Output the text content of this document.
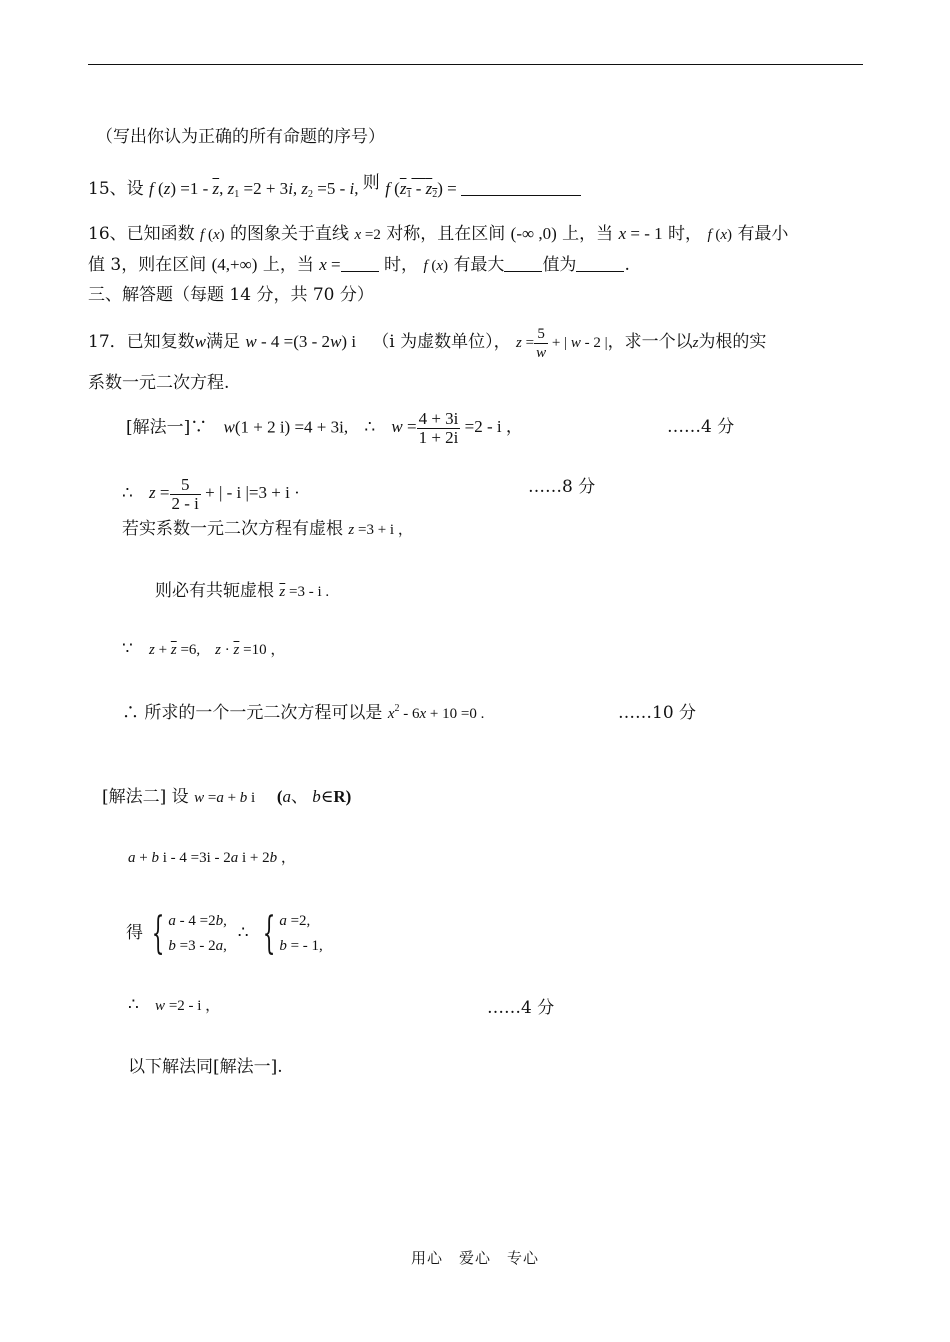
（写出你认为正确的所有命题的序号）
15、设 f $(z) =1 - \overline{z}$, $z_1 =2 + 3i$, $z_2 =5 - i$, 则 f $(z_1 - z_2)$ =
16、已知函数 f (x) 的图象关于直线 x =2 对称，且在区间 (-∞ ,0) 上，当 x = - 1 时， f (x) 有最小
值 3，则在区间 (4,+∞) 上，当 x =	时， f (x) 有最大 值为	.
三、解答题（每题 14 分，共 70 分）
17．已知复数w满足 w - 4 =(3 - 2w) i （i 为虚数单位）， $z = \frac{5}{w}$ + | w - 2 |，求一个以z为根的实
系数一元二次方程.
[解法一]∵ w(1 + 2 i) =4 + 3i, ∴ $w = \frac{4 + 3i}{1 + 2i} =2 - i$ ，	……4 分
∴ $z = \frac{5}{2 - i}$ + | - i |=3 + i ·	……8 分
若实系数一元二次方程有虚根 z =3 + i ，
则必有共轭虚根 $\overline{z} =3 - i$ .
∵ $z + \overline{z} =6$,    $z \cdot \overline{z} =10$ ，
∴ 所求的一个一元二次方程可以是 $x^2 - 6x + 10 =0$ .	……10 分
[解法二] 设 w =a + b i (a、 b∈R)
a + b i - 4 =3i - 2a i + 2b ，
得 { a - 4 =2b,
b =3 - 2a,  ∴ { a =2,
b = - 1,
∴ w =2 - i ，	……4 分
以下解法同[解法一].
用心　爱心　专心
